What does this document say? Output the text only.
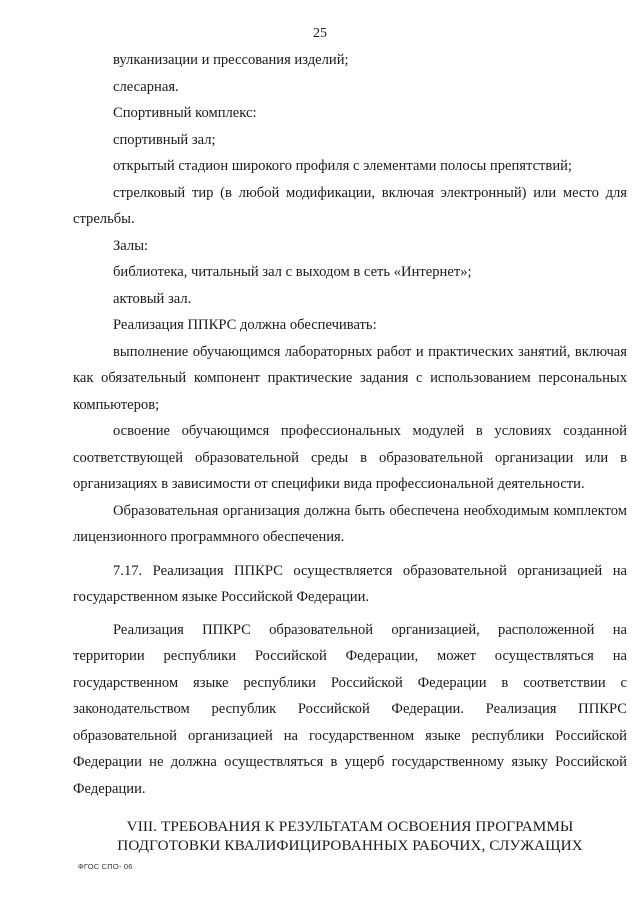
25

вулканизации и прессования изделий;

слесарная.

Спортивный комплекс:

спортивный зал;

открытый стадион широкого профиля с элементами полосы препятствий;

стрелковый тир (в любой модификации, включая электронный) или место для стрельбы.

Залы:

библиотека, читальный зал с выходом в сеть «Интернет»;

актовый зал.

Реализация ППКРС должна обеспечивать:

выполнение обучающимся лабораторных работ и практических занятий, включая как обязательный компонент практические задания с использованием персональных компьютеров;

освоение обучающимся профессиональных модулей в условиях созданной соответствующей образовательной среды в образовательной организации или в организациях в зависимости от специфики вида профессиональной деятельности.

Образовательная организация должна быть обеспечена необходимым комплектом лицензионного программного обеспечения.

7.17. Реализация ППКРС осуществляется образовательной организацией на государственном языке Российской Федерации.

Реализация ППКРС образовательной организацией, расположенной на территории республики Российской Федерации, может осуществляться на государственном языке республики Российской Федерации в соответствии с законодательством республик Российской Федерации. Реализация ППКРС образовательной организацией на государственном языке республики Российской Федерации не должна осуществляться в ущерб государственному языку Российской Федерации.

VIII. ТРЕБОВАНИЯ К РЕЗУЛЬТАТАМ ОСВОЕНИЯ ПРОГРАММЫ
ПОДГОТОВКИ КВАЛИФИЦИРОВАННЫХ РАБОЧИХ, СЛУЖАЩИХ
ФГОС СПО- 06
